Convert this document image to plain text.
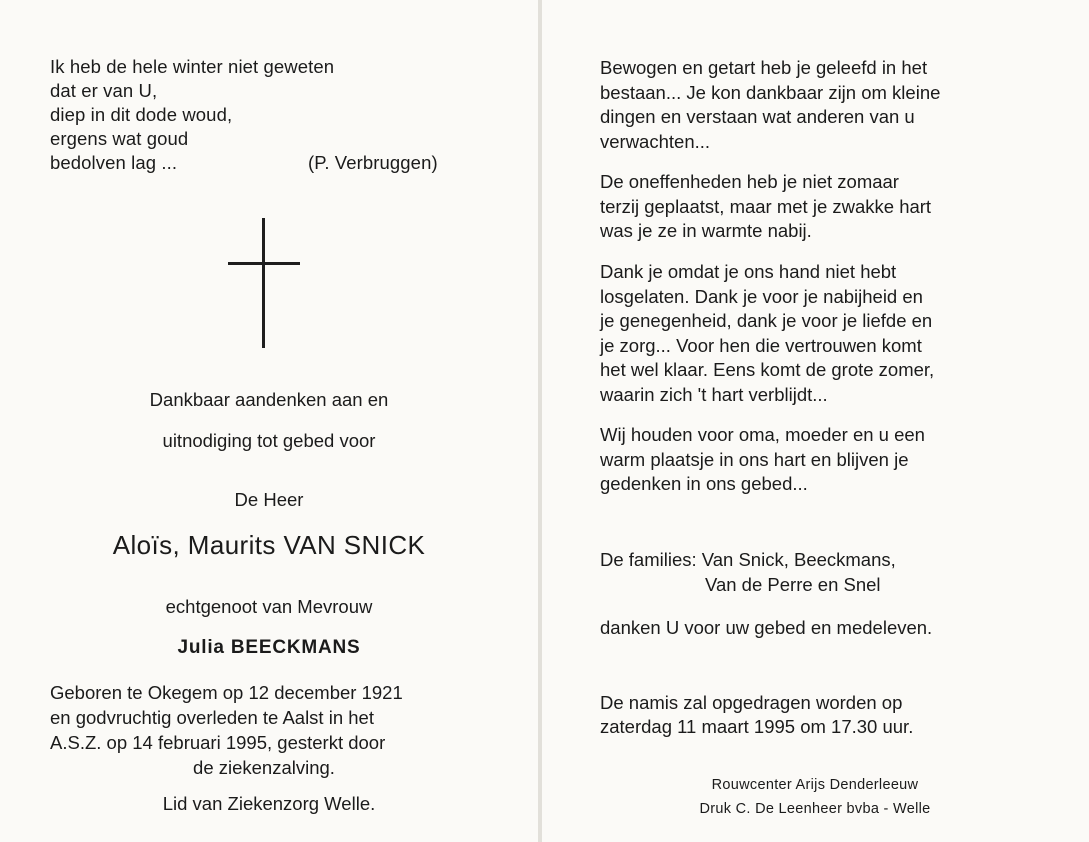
Ik heb de hele winter niet geweten
dat er van U,
diep in dit dode woud,
ergens wat goud
bedolven lag ...	(P. Verbruggen)
Dankbaar aandenken aan en
uitnodiging tot gebed voor
De Heer
Aloïs, Maurits VAN SNICK
echtgenoot van Mevrouw
Julia BEECKMANS
Geboren te Okegem op 12 december 1921
en godvruchtig overleden te Aalst in het
A.S.Z. op 14 februari 1995, gesterkt door
de ziekenzalving.
Lid van Ziekenzorg Welle.
Bewogen en getart heb je geleefd in het
bestaan... Je kon dankbaar zijn om kleine
dingen en verstaan wat anderen van u
verwachten...
De oneffenheden heb je niet zomaar
terzij geplaatst, maar met je zwakke hart
was je ze in warmte nabij.
Dank je omdat je ons hand niet hebt
losgelaten. Dank je voor je nabijheid en
je genegenheid, dank je voor je liefde en
je zorg... Voor hen die vertrouwen komt
het wel klaar. Eens komt de grote zomer,
waarin zich 't hart verblijdt...
Wij houden voor oma, moeder en u een
warm plaatsje in ons hart en blijven je
gedenken in ons gebed...
De families: Van Snick, Beeckmans,
Van de Perre en Snel
danken U voor uw gebed en medeleven.
De namis zal opgedragen worden op
zaterdag 11 maart 1995 om 17.30 uur.
Rouwcenter Arijs Denderleeuw
Druk C. De Leenheer bvba - Welle
